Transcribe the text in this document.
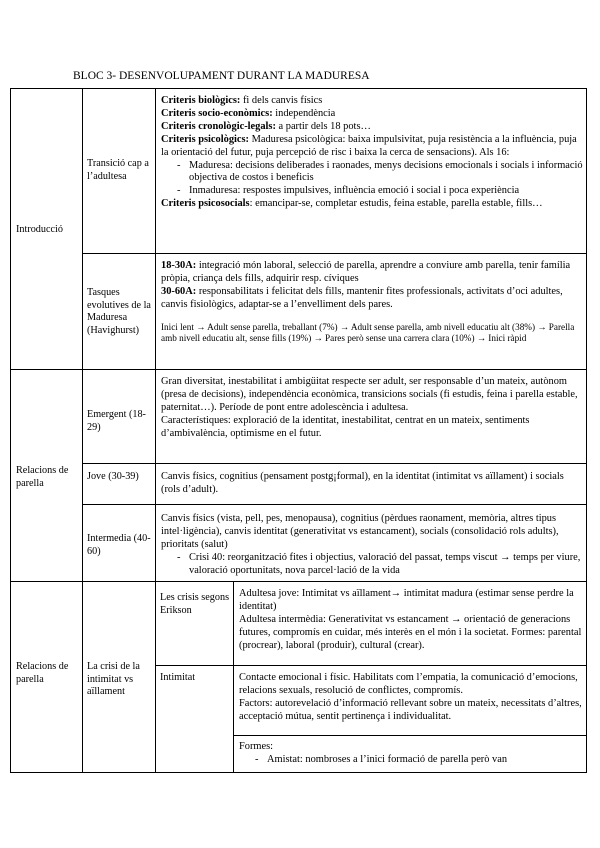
BLOC 3- DESENVOLUPAMENT DURANT LA MADURESA
Introducció
Transició cap a l’adultesa
Tasques evolutives de la Maduresa (Havighurst)

Criteris biològics: fi dels canvis físics

Criteris socio-econòmics: independència

Criteris cronològic-legals: a partir dels 18 pots…

Criteris psicològics: Maduresa psicològica: baixa impulsivitat, puja resistència a la influència, puja la orientació del futur, puja percepció de risc i baixa la cerca de sensacions). Als 16:

- Maduresa: decisions deliberades i raonades, menys decisions emocionals i socials i informació objectiva de costos i beneficis

- Inmaduresa: respostes impulsives, influència emoció i social i poca experiència

Criteris psicosocials: emancipar-se, completar estudis, feina estable, parella estable, fills…

18-30A: integració món laboral, selecció de parella, aprendre a conviure amb parella, tenir família pròpia, criança dels fills, adquirir resp. cíviques

30-60A: responsabilitats i felicitat dels fills, mantenir fites professionals, activitats d’oci adultes, canvis fisiològics, adaptar-se a l’envelliment dels pares.

Inici lent → Adult sense parella, treballant (7%) → Adult sense parella, amb nivell educatiu alt (38%) → Parella amb nivell educatiu alt, sense fills (19%) → Pares però sense una carrera clara (10%) → Inici ràpid

Relacions de parella
Emergent (18-29)
Jove (30-39)
Intermedia (40-60)

Gran diversitat, inestabilitat i ambigüitat respecte ser adult, ser responsable d’un mateix, autònom (presa de decisions), independència econòmica, transicions socials (fi estudis, feina i parella estable, paternitat…). Període de pont entre adolescència i adultesa.

Característiques: exploració de la identitat, inestabilitat, centrat en un mateix, sentiments d’ambivalència, optimisme en el futur.

Canvis físics, cognitius (pensament postg¡formal), en la identitat (intimitat vs aïllament) i socials (rols d’adult).

Canvis físics (vista, pell, pes, menopausa), cognitius (pèrdues raonament, memòria, altres tipus intel·ligència), canvis identitat (generativitat vs estancament), socials (consolidació rols adults), prioritats (salut)

- Crisi 40: reorganització fites i objectius, valoració del passat, temps viscut → temps per viure, valoració oportunitats, nova parcel·lació de la vida

Relacions de parella
La crisi de la intimitat vs aïllament
Les crisis segons Erikson
Intimitat

Adultesa jove: Intimitat vs aïllament→ intimitat madura (estimar sense perdre la identitat)

Adultesa intermèdia: Generativitat vs estancament → orientació de generacions futures, compromís en cuidar, més interès en el món i la societat. Formes: parental (procrear), laboral (produir), cultural (crear).

Contacte emocional i físic. Habilitats com l’empatia, la comunicació d’emocions, relacions sexuals, resolució de conflictes, compromís.

Factors: autorevelació d’informació rellevant sobre un mateix, necessitats d’altres, acceptació mútua, sentit pertinença i individualitat.

Formes:

- Amistat: nombroses a l’inici formació de parella però van
